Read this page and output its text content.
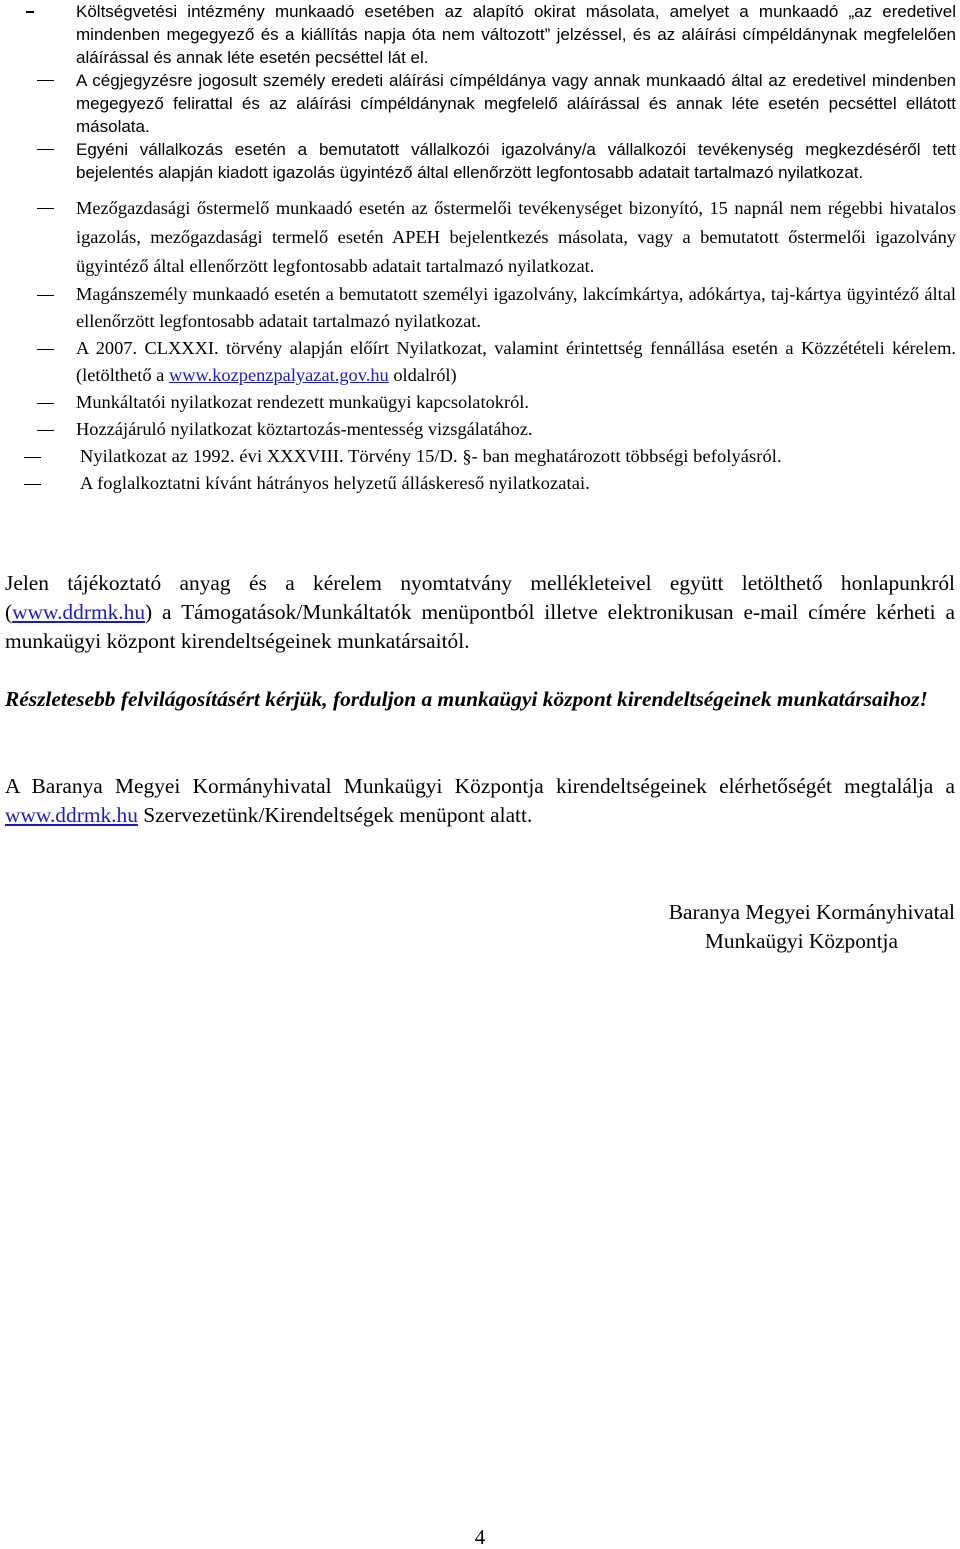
Költségvetési intézmény munkaadó esetében az alapító okirat másolata, amelyet a munkaadó „az eredetivel mindenben megegyező és a kiállítás napja óta nem változott” jelzéssel, és az aláírási címpéldánynak megfelelően aláírással és annak léte esetén pecséttel lát el.
A cégjegyzésre jogosult személy eredeti aláírási címpéldánya vagy annak munkaadó által az eredetivel mindenben megegyező felirattal és az aláírási címpéldánynak megfelelő aláírással és annak léte esetén pecséttel ellátott másolata.
Egyéni vállalkozás esetén a bemutatott vállalkozói igazolvány/a vállalkozói tevékenység megkezdéséről tett bejelentés alapján kiadott igazolás ügyintéző által ellenőrzött legfontosabb adatait tartalmazó nyilatkozat.
Mezőgazdasági őstermelő munkaadó esetén az őstermelői tevékenységet bizonyító, 15 napnál nem régebbi hivatalos igazolás, mezőgazdasági termelő esetén APEH bejelentkezés másolata, vagy a bemutatott őstermelői igazolvány ügyintéző által ellenőrzött legfontosabb adatait tartalmazó nyilatkozat.
Magánszemély munkaadó esetén a bemutatott személyi igazolvány, lakcímkártya, adókártya, taj-kártya ügyintéző által ellenőrzött legfontosabb adatait tartalmazó nyilatkozat.
A 2007. CLXXXI. törvény alapján előírt Nyilatkozat, valamint érintettség fennállása esetén a Közzétételi kérelem. (letölthető a www.kozpenzpalyazat.gov.hu oldalról)
Munkáltatói nyilatkozat rendezett munkaügyi kapcsolatokról.
Hozzájáruló nyilatkozat köztartozás-mentesség vizsgálatához.
Nyilatkozat az 1992. évi XXXVIII. Törvény 15/D. §- ban meghatározott többségi befolyásról.
A foglalkoztatni kívánt hátrányos helyzetű álláskereső nyilatkozatai.

Jelen tájékoztató anyag és a kérelem nyomtatvány mellékleteivel együtt letölthető honlapunkról (www.ddrmk.hu) a Támogatások/Munkáltatók menüpontból illetve elektronikusan e-mail címére kérheti a munkaügyi központ kirendeltségeinek munkatársaitól.

Részletesebb felvilágosításért kérjük, forduljon a munkaügyi központ kirendeltségeinek munkatársaihoz!

A Baranya Megyei Kormányhivatal Munkaügyi Központja kirendeltségeinek elérhetőségét megtalálja a www.ddrmk.hu Szervezetünk/Kirendeltségek menüpont alatt.

Baranya Megyei Kormányhivatal
Munkaügyi Központja
4
